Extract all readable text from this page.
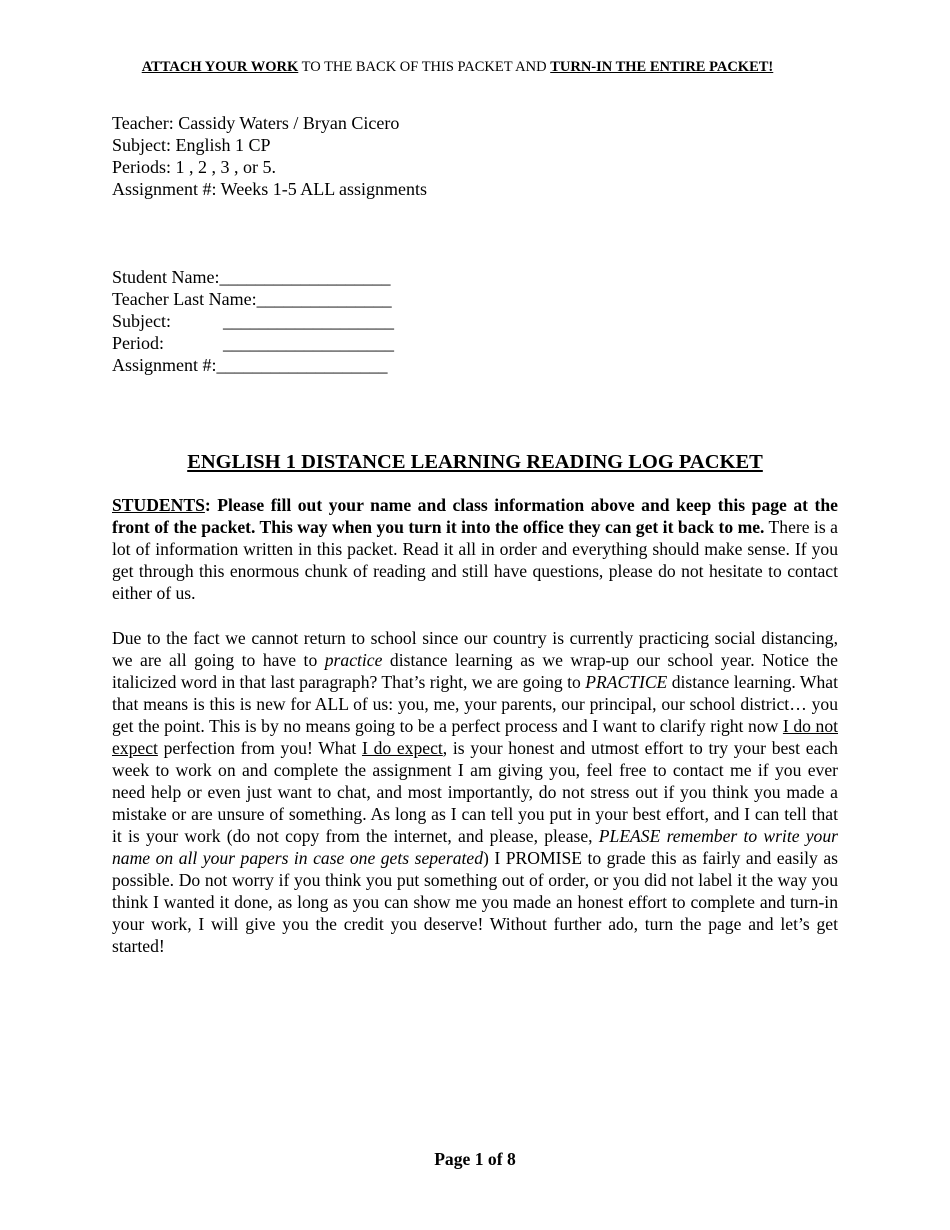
ATTACH YOUR WORK TO THE BACK OF THIS PACKET AND TURN-IN THE ENTIRE PACKET!
Teacher: Cassidy Waters / Bryan Cicero
Subject: English 1 CP
Periods: 1 , 2 , 3 , or 5.
Assignment #: Weeks 1-5 ALL assignments
Student Name:___________________
Teacher Last Name:_______________
Subject:	___________________
Period:	___________________
Assignment #:___________________
ENGLISH 1 DISTANCE LEARNING READING LOG PACKET
STUDENTS: Please fill out your name and class information above and keep this page at the front of the packet. This way when you turn it into the office they can get it back to me. There is a lot of information written in this packet. Read it all in order and everything should make sense. If you get through this enormous chunk of reading and still have questions, please do not hesitate to contact either of us.
Due to the fact we cannot return to school since our country is currently practicing social distancing, we are all going to have to practice distance learning as we wrap-up our school year. Notice the italicized word in that last paragraph? That’s right, we are going to PRACTICE distance learning. What that means is this is new for ALL of us: you, me, your parents, our principal, our school district… you get the point. This is by no means going to be a perfect process and I want to clarify right now I do not expect perfection from you! What I do expect, is your honest and utmost effort to try your best each week to work on and complete the assignment I am giving you, feel free to contact me if you ever need help or even just want to chat, and most importantly, do not stress out if you think you made a mistake or are unsure of something. As long as I can tell you put in your best effort, and I can tell that it is your work (do not copy from the internet, and please, please, PLEASE remember to write your name on all your papers in case one gets seperated) I PROMISE to grade this as fairly and easily as possible. Do not worry if you think you put something out of order, or you did not label it the way you think I wanted it done, as long as you can show me you made an honest effort to complete and turn-in your work, I will give you the credit you deserve! Without further ado, turn the page and let’s get started!
Page 1 of 8
